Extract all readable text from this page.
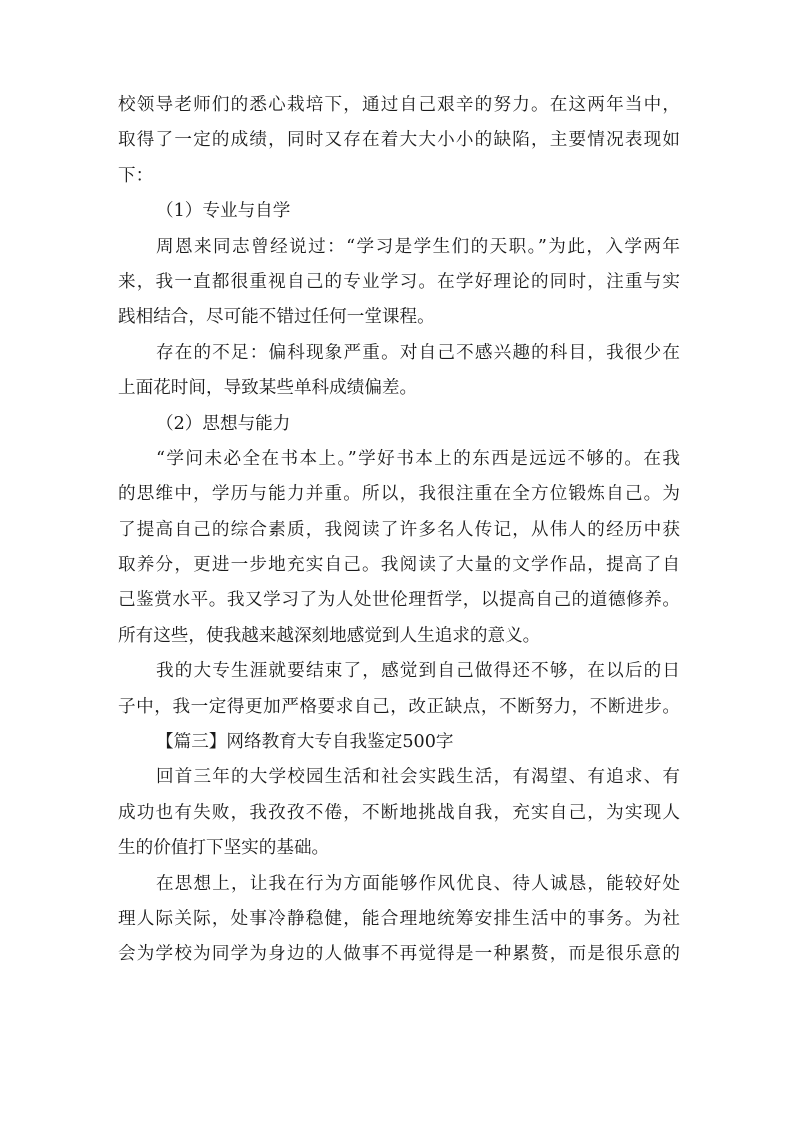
校领导老师们的悉心栽培下，通过自己艰辛的努力。在这两年当中，
取得了一定的成绩，同时又存在着大大小小的缺陷，主要情况表现如
下：
（1）专业与自学
周恩来同志曾经说过：“学习是学生们的天职。”为此，入学两年
来，我一直都很重视自己的专业学习。在学好理论的同时，注重与实
践相结合，尽可能不错过任何一堂课程。
存在的不足：偏科现象严重。对自己不感兴趣的科目，我很少在
上面花时间，导致某些单科成绩偏差。
（2）思想与能力
“学问未必全在书本上。”学好书本上的东西是远远不够的。在我
的思维中，学历与能力并重。所以，我很注重在全方位锻炼自己。为
了提高自己的综合素质，我阅读了许多名人传记，从伟人的经历中获
取养分，更进一步地充实自己。我阅读了大量的文学作品，提高了自
己鉴赏水平。我又学习了为人处世伦理哲学，以提高自己的道德修养。
所有这些，使我越来越深刻地感觉到人生追求的意义。
我的大专生涯就要结束了，感觉到自己做得还不够，在以后的日
子中，我一定得更加严格要求自己，改正缺点，不断努力，不断进步。
【篇三】网络教育大专自我鉴定500字
回首三年的大学校园生活和社会实践生活，有渴望、有追求、有
成功也有失败，我孜孜不倦，不断地挑战自我，充实自己，为实现人
生的价值打下坚实的基础。
在思想上，让我在行为方面能够作风优良、待人诚恳，能较好处
理人际关际，处事冷静稳健，能合理地统筹安排生活中的事务。为社
会为学校为同学为身边的人做事不再觉得是一种累赘，而是很乐意的
